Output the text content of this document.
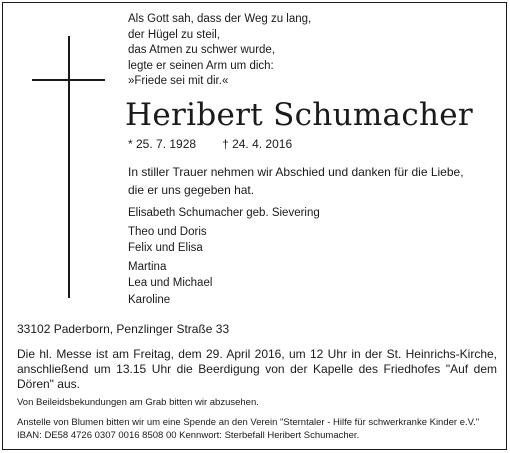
Als Gott sah, dass der Weg zu lang,
der Hügel zu steil,
das Atmen zu schwer wurde,
legte er seinen Arm um dich:
»Friede sei mit dir.«
Heribert Schumacher
* 25. 7. 1928 † 24. 4. 2016
In stiller Trauer nehmen wir Abschied und danken für die Liebe,
die er uns gegeben hat.
Elisabeth Schumacher geb. Sievering
Theo und Doris
Felix und Elisa
Martina
Lea und Michael
Karoline
33102 Paderborn, Penzlinger Straße 33
Die hl. Messe ist am Freitag, dem 29. April 2016, um 12 Uhr in der St. Heinrichs-Kirche, anschließend um 13.15 Uhr die Beerdigung von der Kapelle des Friedhofes "Auf dem Dören" aus.
Von Beileidsbekundungen am Grab bitten wir abzusehen.
Anstelle von Blumen bitten wir um eine Spende an den Verein "Sterntaler - Hilfe für schwerkranke Kinder e.V." IBAN: DE58 4726 0307 0016 8508 00 Kennwort: Sterbefall Heribert Schumacher.
